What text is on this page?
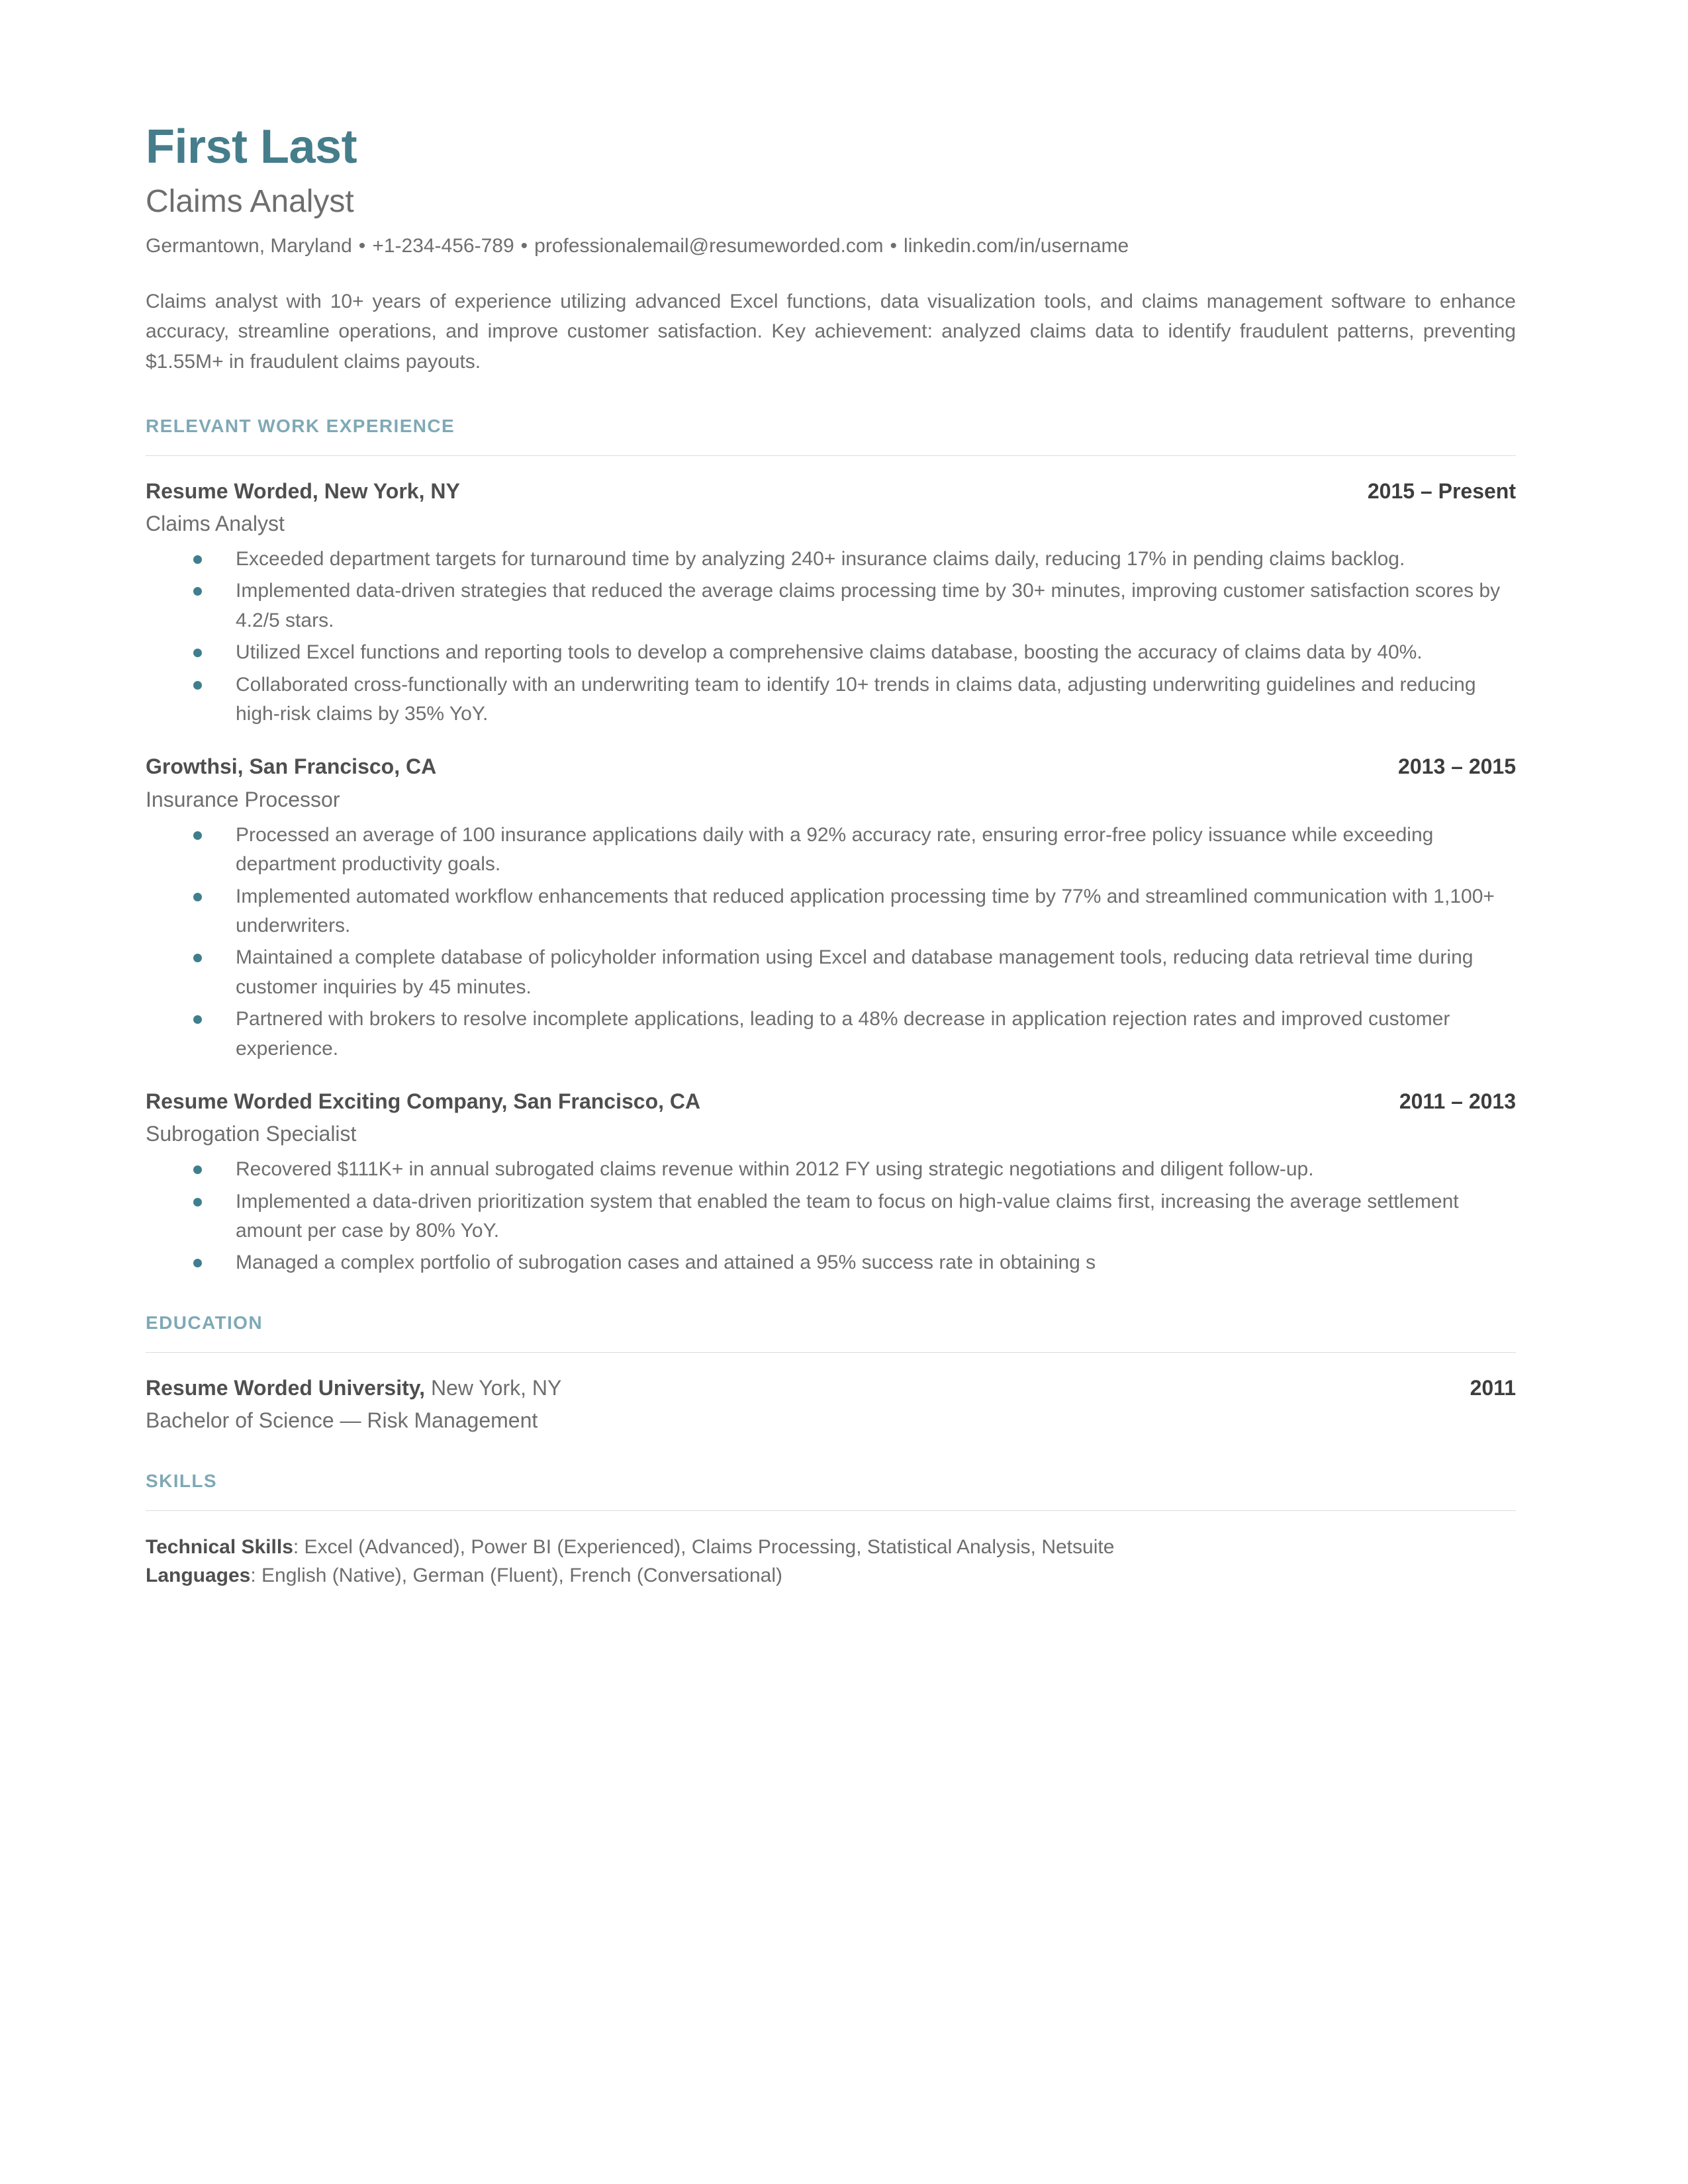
First Last
Claims Analyst
Germantown, Maryland • +1-234-456-789 • professionalemail@resumeworded.com • linkedin.com/in/username

Claims analyst with 10+ years of experience utilizing advanced Excel functions, data visualization tools, and claims management software to enhance accuracy, streamline operations, and improve customer satisfaction. Key achievement: analyzed claims data to identify fraudulent patterns, preventing $1.55M+ in fraudulent claims payouts.

RELEVANT WORK EXPERIENCE
Resume Worded, New York, NY	2015 – Present
Claims Analyst
Exceeded department targets for turnaround time by analyzing 240+ insurance claims daily, reducing 17% in pending claims backlog.
Implemented data-driven strategies that reduced the average claims processing time by 30+ minutes, improving customer satisfaction scores by 4.2/5 stars.
Utilized Excel functions and reporting tools to develop a comprehensive claims database, boosting the accuracy of claims data by 40%.
Collaborated cross-functionally with an underwriting team to identify 10+ trends in claims data, adjusting underwriting guidelines and reducing high-risk claims by 35% YoY.
Growthsi, San Francisco, CA	2013 – 2015
Insurance Processor
Processed an average of 100 insurance applications daily with a 92% accuracy rate, ensuring error-free policy issuance while exceeding department productivity goals.
Implemented automated workflow enhancements that reduced application processing time by 77% and streamlined communication with 1,100+ underwriters.
Maintained a complete database of policyholder information using Excel and database management tools, reducing data retrieval time during customer inquiries by 45 minutes.
Partnered with brokers to resolve incomplete applications, leading to a 48% decrease in application rejection rates and improved customer experience.
Resume Worded Exciting Company, San Francisco, CA	2011 – 2013
Subrogation Specialist
Recovered $111K+ in annual subrogated claims revenue within 2012 FY using strategic negotiations and diligent follow-up.
Implemented a data-driven prioritization system that enabled the team to focus on high-value claims first, increasing the average settlement amount per case by 80% YoY.
Managed a complex portfolio of subrogation cases and attained a 95% success rate in obtaining s
EDUCATION
Resume Worded University, New York, NY	2011
Bachelor of Science — Risk Management
SKILLS
Technical Skills: Excel (Advanced), Power BI (Experienced), Claims Processing, Statistical Analysis, Netsuite
Languages: English (Native), German (Fluent), French (Conversational)
